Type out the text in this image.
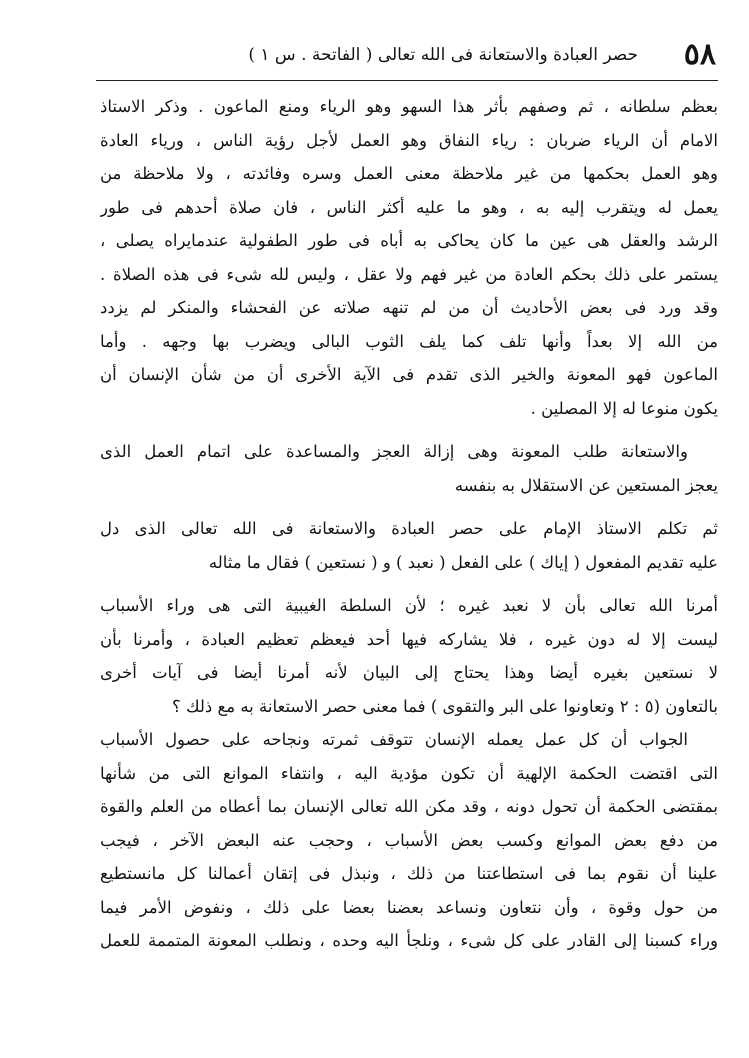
٥٨
حصر العبادة والاستعانة فى الله تعالى ( الفاتحة . س ١ )
بعظم سلطانه ، ثم وصفهم بأثر هذا السهو وهو الرياء ومنع الماعون . وذكر الاستاذ
الامام أن الرياء ضربان : رياء النفاق وهو العمل لأجل رؤية الناس ، ورياء العادة
وهو العمل بحكمها من غير ملاحظة معنى العمل وسره وفائدته ، ولا ملاحظة من
يعمل له ويتقرب إليه به ، وهو ما عليه أكثر الناس ، فان صلاة أحدهم فى طور
الرشد والعقل هى عين ما كان يحاكى به أباه فى طور الطفولية عندمايراه يصلى ،
يستمر على ذلك بحكم العادة من غير فهم ولا عقل ، وليس لله شىء فى هذه الصلاة .
وقد ورد فى بعض الأحاديث أن من لم تنهه صلاته عن الفحشاء والمنكر لم يزدد
من الله إلا بعداً وأنها تلف كما يلف الثوب البالى ويضرب بها وجهه . وأما
الماعون فهو المعونة والخير الذى تقدم فى الآية الأخرى أن من شأن الإنسان أن
يكون منوعا له إلا المصلين .
والاستعانة طلب المعونة وهى إزالة العجز والمساعدة على اتمام العمل الذى
يعجز المستعين عن الاستقلال به بنفسه
ثم تكلم الاستاذ الإمام على حصر العبادة والاستعانة فى الله تعالى الذى دل
عليه تقديم المفعول ( إياك ) على الفعل ( نعبد ) و ( نستعين ) فقال ما مثاله
أمرنا الله تعالى بأن لا نعبد غيره ؛ لأن السلطة الغيبية التى هى وراء الأسباب
ليست إلا له دون غيره ، فلا يشاركه فيها أحد فيعظم تعظيم العبادة ، وأمرنا بأن
لا نستعين بغيره أيضا وهذا يحتاج إلى البيان لأنه أمرنا أيضا فى آيات أخرى
بالتعاون (٥ : ٢ وتعاونوا على البر والتقوى ) فما معنى حصر الاستعانة به مع ذلك ؟
الجواب أن كل عمل يعمله الإنسان تتوقف ثمرته ونجاحه على حصول الأسباب
التى اقتضت الحكمة الإلهية أن تكون مؤدية اليه ، وانتفاء الموانع التى من شأنها
بمقتضى الحكمة أن تحول دونه ، وقد مكن الله تعالى الإنسان بما أعطاه من العلم والقوة
من دفع بعض الموانع وكسب بعض الأسباب ، وحجب عنه البعض الآخر ، فيجب
علينا أن نقوم بما فى استطاعتنا من ذلك ، ونبذل فى إتقان أعمالنا كل مانستطيع
من حول وقوة ، وأن نتعاون ونساعد بعضنا بعضا على ذلك ، ونفوض الأمر فيما
وراء كسبنا إلى القادر على كل شىء ، ونلجأ اليه وحده ، ونطلب المعونة المتممة للعمل
